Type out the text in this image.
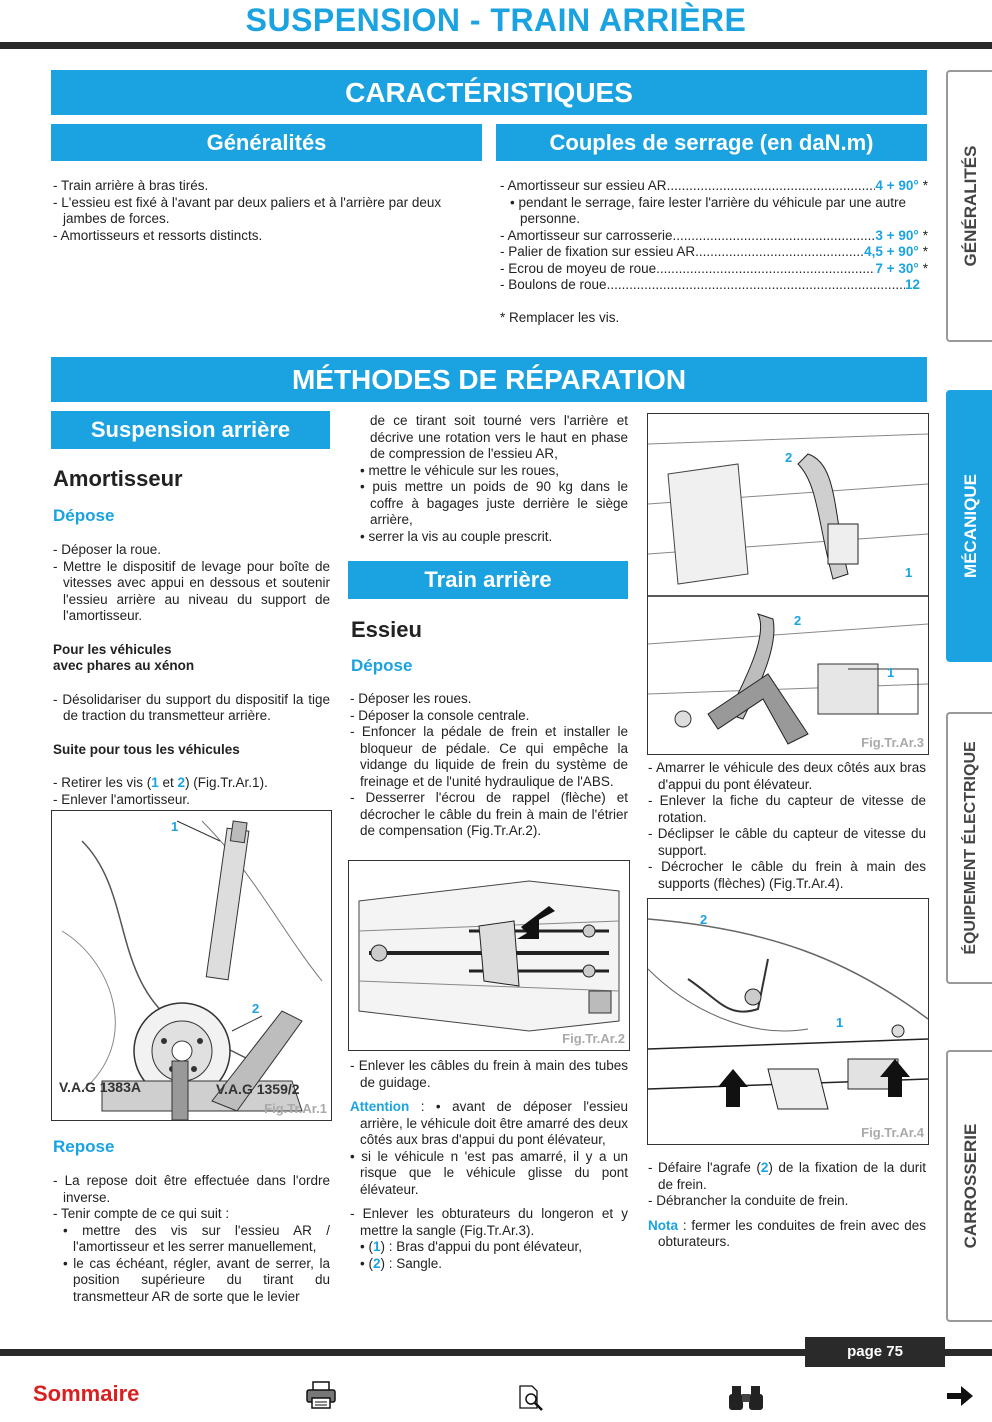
SUSPENSION - TRAIN ARRIÈRE
CARACTÉRISTIQUES
Généralités	Couples de serrage (en daN.m)

- Train arrière à bras tirés.

- L'essieu est fixé à l'avant par deux paliers et à l'arrière par deux jambes de forces.

- Amortisseurs et ressorts distincts.

- Amortisseur sur essieu AR .....	4 + 90° *

• pendant le serrage, faire lester l'arrière du véhicule par une autre personne.

- Amortisseur sur carrosserie .....	3 + 90° *
- Palier de fixation sur essieu AR .....	4,5 + 90° *
- Ecrou de moyeu de roue .....	7 + 30° *
- Boulons de roue .....	12

* Remplacer les vis.

MÉTHODES DE RÉPARATION
Suspension arrière
Amortisseur
Dépose

- Déposer la roue.

- Mettre le dispositif de levage pour boîte de vitesses avec appui en dessous et soutenir l'essieu arrière au niveau du support de l'amortisseur.

Pour les véhicules
avec phares au xénon

- Désolidariser du support du dispositif la tige de traction du transmetteur arrière.

Suite pour tous les véhicules

- Retirer les vis (1 et 2) (Fig.Tr.Ar.1).

- Enlever l'amortisseur.

1
2
V.A.G 1383A	V.A.G 1359/2
Fig.Tr.Ar.1
Repose

- La repose doit être effectuée dans l'ordre inverse.

- Tenir compte de ce qui suit :

• mettre des vis sur l'essieu AR / l'amortisseur et les serrer manuellement,

• le cas échéant, régler, avant de serrer, la position supérieure du tirant du transmetteur AR de sorte que le levier

de ce tirant soit tourné vers l'arrière et décrive une rotation vers le haut en phase de compression de l'essieu AR,

• mettre le véhicule sur les roues,

• puis mettre un poids de 90 kg dans le coffre à bagages juste derrière le siège arrière,

• serrer la vis au couple prescrit.

Train arrière
Essieu
Dépose

- Déposer les roues.

- Déposer la console centrale.

- Enfoncer la pédale de frein et installer le bloqueur de pédale. Ce qui empêche la vidange du liquide de frein du système de freinage et de l'unité hydraulique de l'ABS.

- Desserrer l'écrou de rappel (flèche) et décrocher le câble du frein à main de l'étrier de compensation (Fig.Tr.Ar.2).

Fig.Tr.Ar.2

- Enlever les câbles du frein à main des tubes de guidage.

Attention : • avant de déposer l'essieu arrière, le véhicule doit être amarré des deux côtés aux bras d'appui du pont élévateur,

• si le véhicule n 'est pas amarré, il y a un risque que le véhicule glisse du pont élévateur.

- Enlever les obturateurs du longeron et y mettre la sangle (Fig.Tr.Ar.3).

• (1) : Bras d'appui du pont élévateur,

• (2) : Sangle.

2
1
2
1
Fig.Tr.Ar.3

- Amarrer le véhicule des deux côtés aux bras d'appui du pont élévateur.

- Enlever la fiche du capteur de vitesse de rotation.

- Déclipser le câble du capteur de vitesse du support.

- Décrocher le câble du frein à main des supports (flèches) (Fig.Tr.Ar.4).

2
1
Fig.Tr.Ar.4

- Défaire l'agrafe (2) de la fixation de la durit de frein.

- Débrancher la conduite de frein.

Nota : fermer les conduites de frein avec des obturateurs.

GÉNÉRALITÉS
MÉCANIQUE
ÉQUIPEMENT ÉLECTRIQUE
CARROSSERIE
page 75
Sommaire
